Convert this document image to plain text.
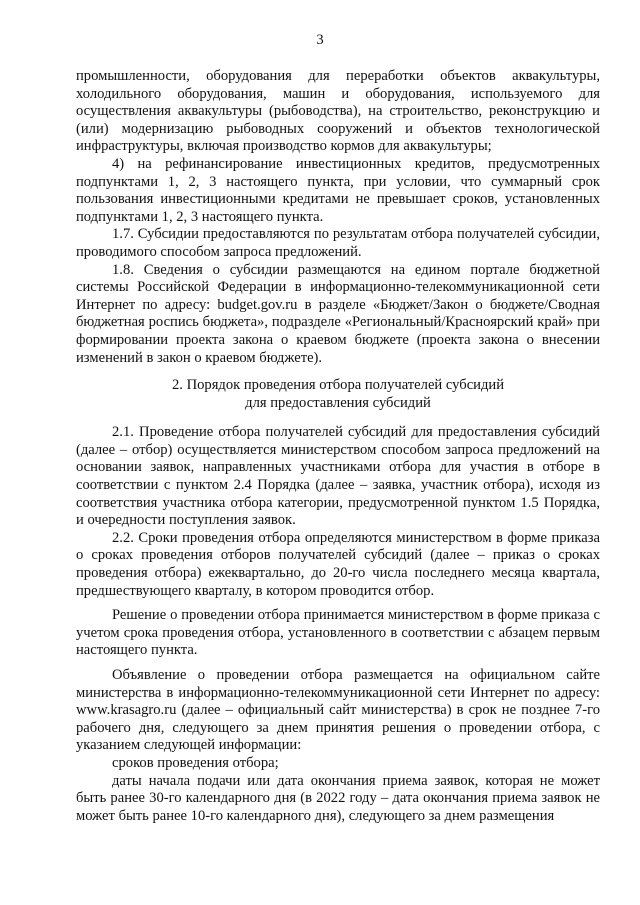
3

промышленности, оборудования для переработки объектов аквакультуры, холодильного оборудования, машин и оборудования, используемого для осуществления аквакультуры (рыбоводства), на строительство, реконструкцию и (или) модернизацию рыбоводных сооружений и объектов технологической инфраструктуры, включая производство кормов для аквакультуры;

4) на рефинансирование инвестиционных кредитов, предусмотренных подпунктами 1, 2, 3 настоящего пункта, при условии, что суммарный срок пользования инвестиционными кредитами не превышает сроков, установленных подпунктами 1, 2, 3 настоящего пункта.

1.7. Субсидии предоставляются по результатам отбора получателей субсидии, проводимого способом запроса предложений.

1.8. Сведения о субсидии размещаются на едином портале бюджетной системы Российской Федерации в информационно-телекоммуникационной сети Интернет по адресу: budget.gov.ru в разделе «Бюджет/Закон о бюджете/Сводная бюджетная роспись бюджета», подразделе «Региональный/Красноярский край» при формировании проекта закона о краевом бюджете (проекта закона о внесении изменений в закон о краевом бюджете).

2. Порядок проведения отбора получателей субсидий
для предоставления субсидий

2.1. Проведение отбора получателей субсидий для предоставления субсидий (далее – отбор) осуществляется министерством способом запроса предложений на основании заявок, направленных участниками отбора для участия в отборе в соответствии с пунктом 2.4 Порядка (далее – заявка, участник отбора), исходя из соответствия участника отбора категории, предусмотренной пунктом 1.5 Порядка, и очередности поступления заявок.

2.2. Сроки проведения отбора определяются министерством в форме приказа о сроках проведения отборов получателей субсидий (далее – приказ о сроках проведения отбора) ежеквартально, до 20-го числа последнего месяца квартала, предшествующего кварталу, в котором проводится отбор.

Решение о проведении отбора принимается министерством в форме приказа с учетом срока проведения отбора, установленного в соответствии с абзацем первым настоящего пункта.

Объявление о проведении отбора размещается на официальном сайте министерства в информационно-телекоммуникационной сети Интернет по адресу: www.krasagro.ru (далее – официальный сайт министерства) в срок не позднее 7-го рабочего дня, следующего за днем принятия решения о проведении отбора, с указанием следующей информации:

сроков проведения отбора;

даты начала подачи или дата окончания приема заявок, которая не может быть ранее 30-го календарного дня (в 2022 году – дата окончания приема заявок не может быть ранее 10-го календарного дня), следующего за днем размещения
